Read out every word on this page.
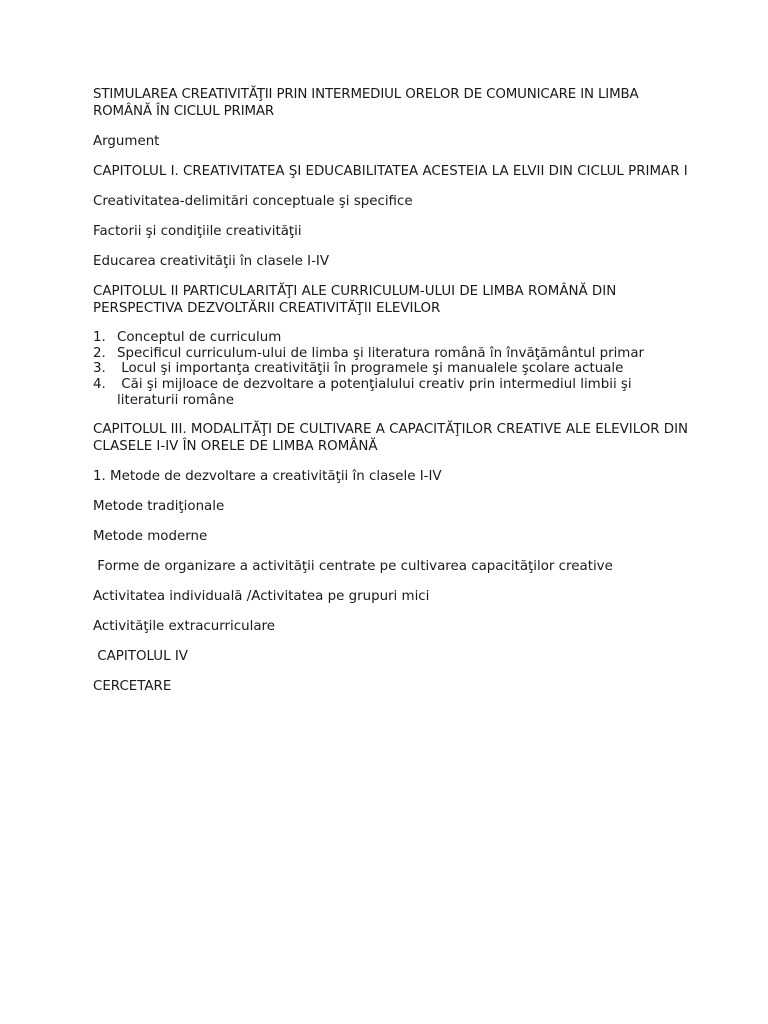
STIMULAREA CREATIVITĂŢII PRIN INTERMEDIUL ORELOR DE COMUNICARE IN LIMBA  ROMÂNĂ ÎN CICLUL PRIMAR

Argument

CAPITOLUL I. CREATIVITATEA ŞI EDUCABILITATEA ACESTEIA LA ELVII DIN CICLUL PRIMAR I

Creativitatea-delimitări conceptuale şi specifice

Factorii şi condiţiile creativităţii

Educarea creativităţii în clasele I-IV

CAPITOLUL II PARTICULARITĂŢI ALE CURRICULUM-ULUI DE LIMBA ROMÂNĂ DIN PERSPECTIVA DEZVOLTĂRII CREATIVITĂŢII ELEVILOR

1. Conceptul de curriculum
2. Specificul curriculum-ului de limba şi literatura română în învăţământul primar
3. Locul şi importanţa creativităţii în programele şi manualele şcolare actuale
4. Căi şi mijloace de dezvoltare a potenţialului creativ prin intermediul limbii şi literaturii române

CAPITOLUL III. MODALITĂŢI DE CULTIVARE A CAPACITĂŢILOR CREATIVE ALE ELEVILOR DIN CLASELE I-IV ÎN ORELE DE LIMBA ROMÂNĂ

1. Metode de dezvoltare a creativităţii în clasele I-IV

Metode tradiţionale

Metode moderne

Forme de organizare a activităţii centrate pe cultivarea capacităţilor creative

Activitatea individuală /Activitatea pe grupuri mici

Activităţile extracurriculare

CAPITOLUL IV

CERCETARE
